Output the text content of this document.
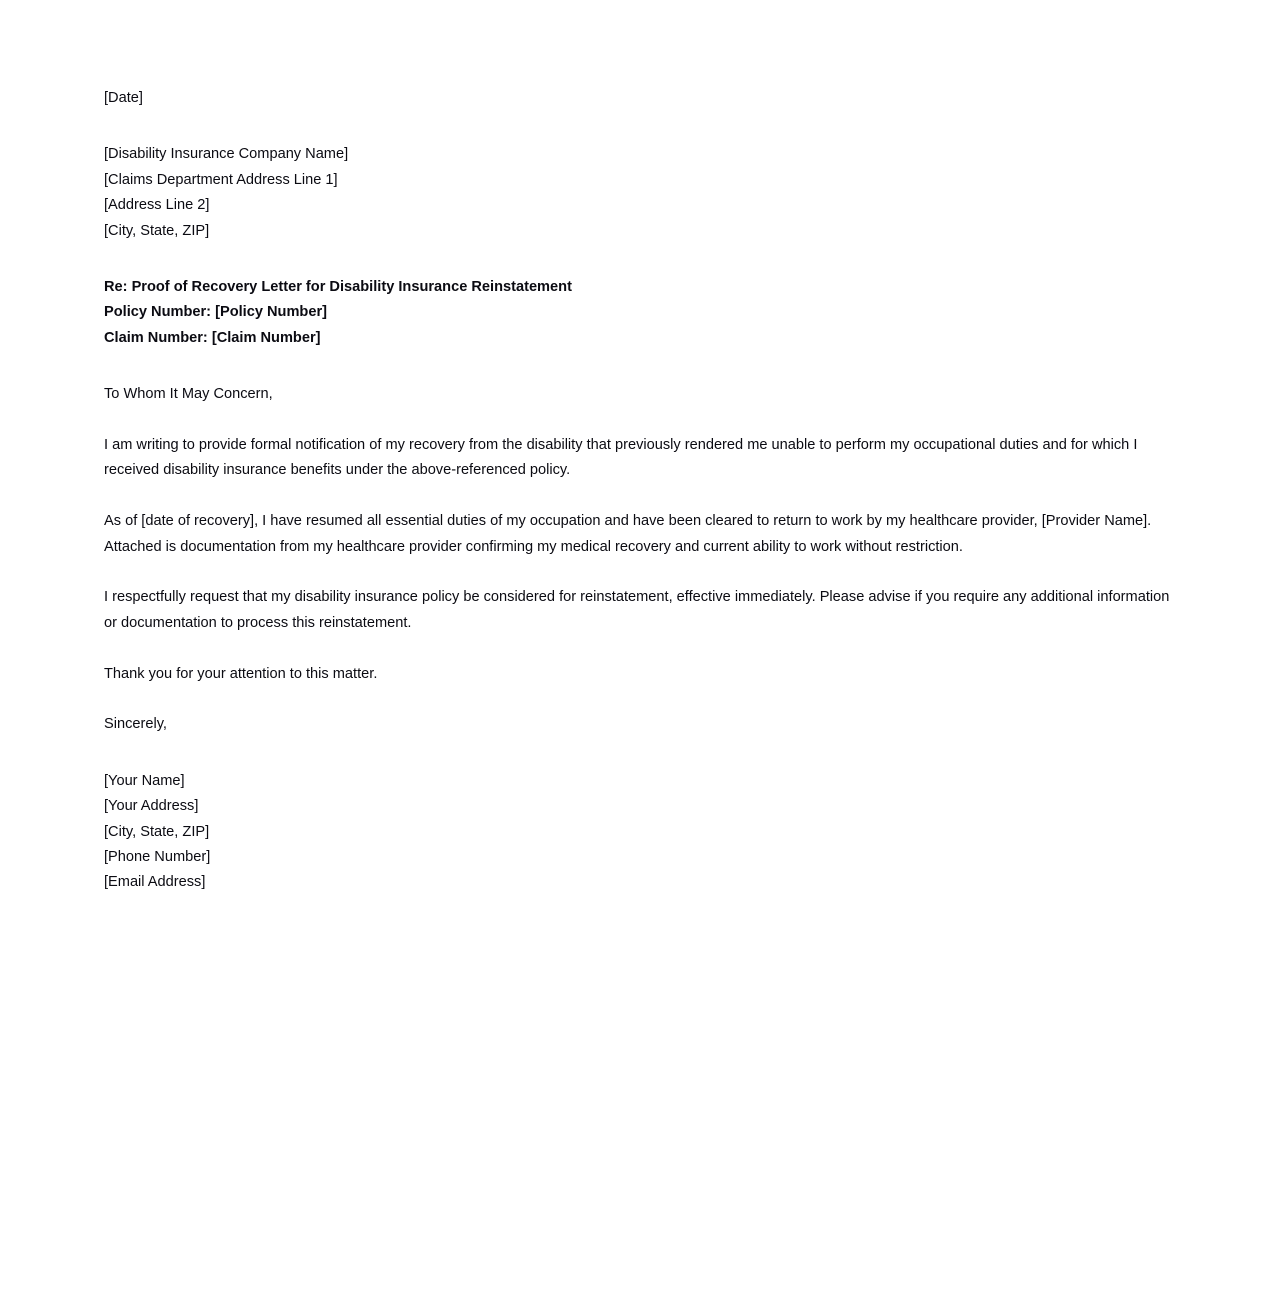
[Date]
[Disability Insurance Company Name]
[Claims Department Address Line 1]
[Address Line 2]
[City, State, ZIP]
Re: Proof of Recovery Letter for Disability Insurance Reinstatement
Policy Number: [Policy Number]
Claim Number: [Claim Number]
To Whom It May Concern,

I am writing to provide formal notification of my recovery from the disability that previously rendered me unable to perform my occupational duties and for which I received disability insurance benefits under the above-referenced policy.

As of [date of recovery], I have resumed all essential duties of my occupation and have been cleared to return to work by my healthcare provider, [Provider Name]. Attached is documentation from my healthcare provider confirming my medical recovery and current ability to work without restriction.

I respectfully request that my disability insurance policy be considered for reinstatement, effective immediately. Please advise if you require any additional information or documentation to process this reinstatement.

Thank you for your attention to this matter.

Sincerely,
[Your Name]
[Your Address]
[City, State, ZIP]
[Phone Number]
[Email Address]
